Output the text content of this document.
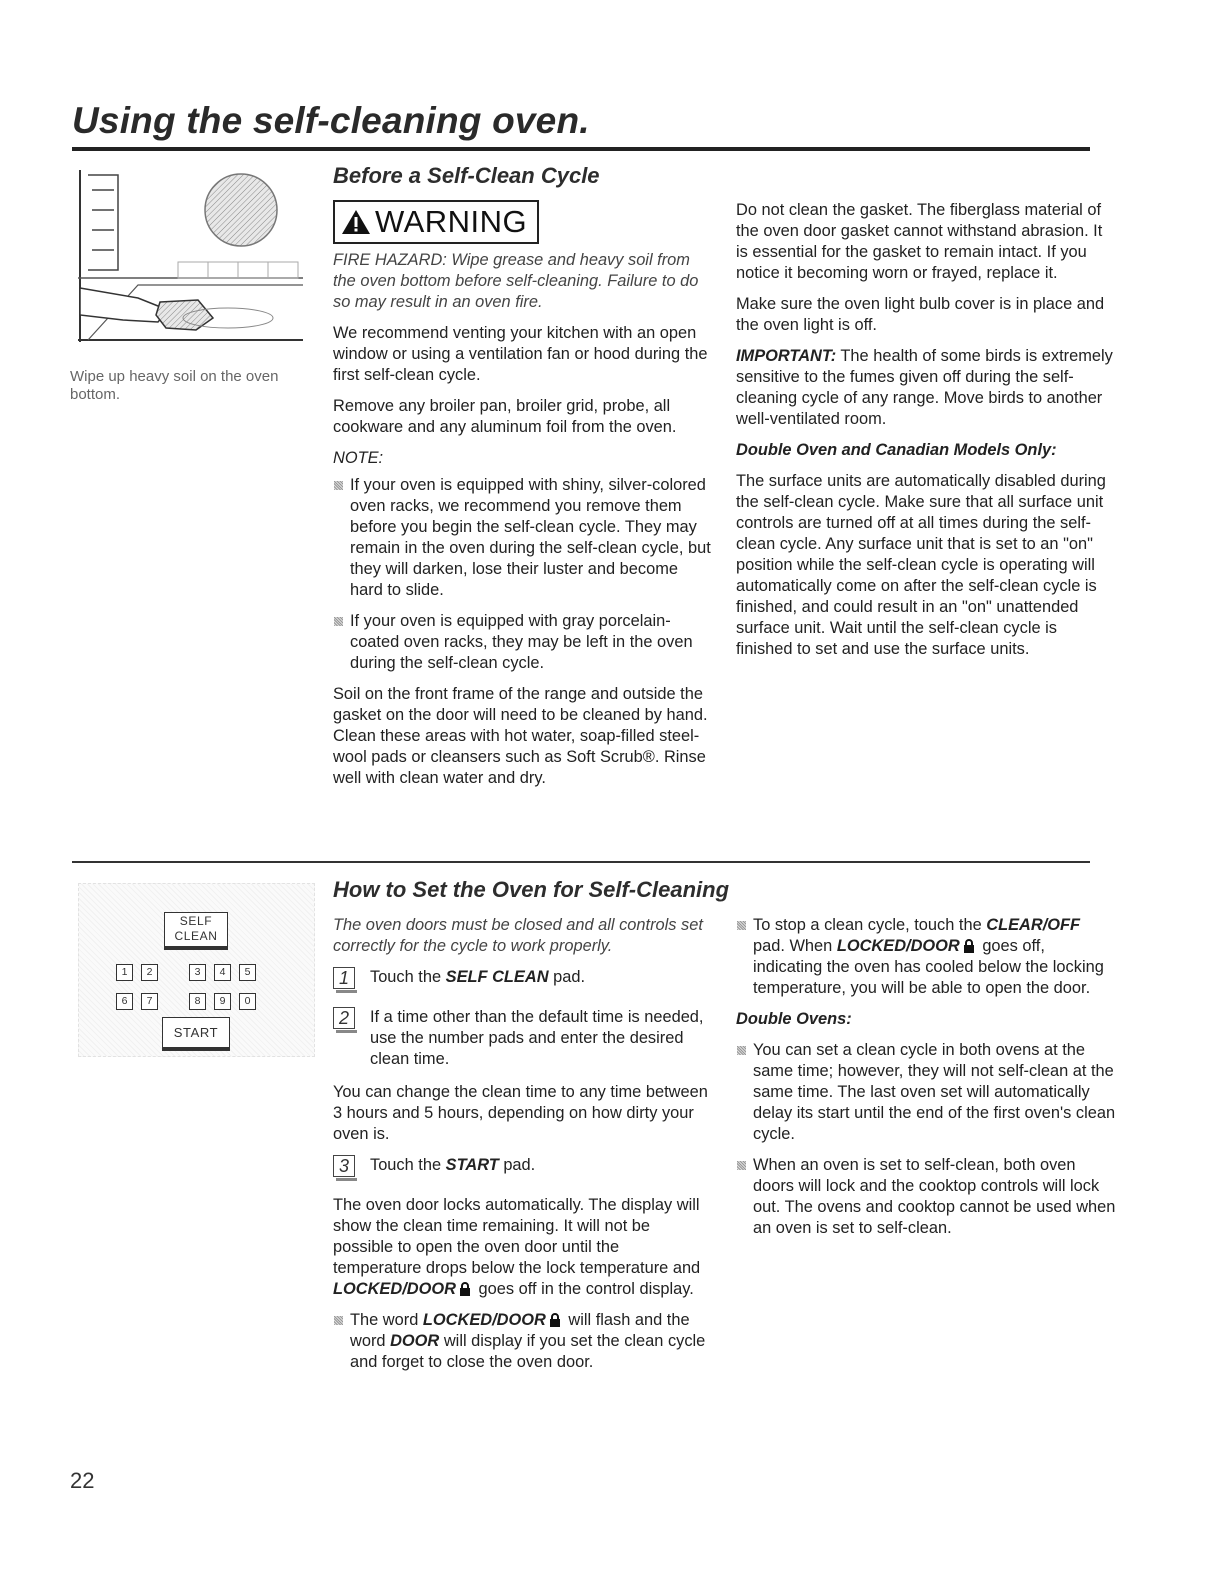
Using the self-cleaning oven.
Wipe up heavy soil on the oven bottom.
Before a Self-Clean Cycle
WARNING

FIRE HAZARD: Wipe grease and heavy soil from the oven bottom before self-cleaning. Failure to do so may result in an oven fire.

We recommend venting your kitchen with an open window or using a ventilation fan or hood during the first self-clean cycle.

Remove any broiler pan, broiler grid, probe, all cookware and any aluminum foil from the oven.

NOTE:

If your oven is equipped with shiny, silver-colored oven racks, we recommend you remove them before you begin the self-clean cycle. They may remain in the oven during the self-clean cycle, but they will darken, lose their luster and become hard to slide.
If your oven is equipped with gray porcelain-coated oven racks, they may be left in the oven during the self-clean cycle.

Soil on the front frame of the range and outside the gasket on the door will need to be cleaned by hand. Clean these areas with hot water, soap-filled steel-wool pads or cleansers such as Soft Scrub®. Rinse well with clean water and dry.

Do not clean the gasket. The fiberglass material of the oven door gasket cannot withstand abrasion. It is essential for the gasket to remain intact. If you notice it becoming worn or frayed, replace it.

Make sure the oven light bulb cover is in place and the oven light is off.

IMPORTANT: The health of some birds is extremely sensitive to the fumes given off during the self-cleaning cycle of any range. Move birds to another well-ventilated room.

Double Oven and Canadian Models Only:

The surface units are automatically disabled during the self-clean cycle. Make sure that all surface unit controls are turned off at all times during the self-clean cycle. Any surface unit that is set to an "on" position while the self-clean cycle is operating will automatically come on after the self-clean cycle is finished, and could result in an "on" unattended surface unit. Wait until the self-clean cycle is finished to set and use the surface units.

SELF
CLEAN
1	2	3	4	5
6	7	8	9	0
START
How to Set the Oven for Self-Cleaning

The oven doors must be closed and all controls set correctly for the cycle to work properly.

1	Touch the SELF CLEAN pad.
2	If a time other than the default time is needed, use the number pads and enter the desired clean time.

You can change the clean time to any time between 3 hours and 5 hours, depending on how dirty your oven is.

3	Touch the START pad.

The oven door locks automatically. The display will show the clean time remaining. It will not be possible to open the oven door until the temperature drops below the lock temperature and LOCKED/DOOR goes off in the control display.

The word LOCKED/DOOR will flash and the word DOOR will display if you set the clean cycle and forget to close the oven door.
To stop a clean cycle, touch the CLEAR/OFF pad. When LOCKED/DOOR goes off, indicating the oven has cooled below the locking temperature, you will be able to open the door.

Double Ovens:

You can set a clean cycle in both ovens at the same time; however, they will not self-clean at the same time. The last oven set will automatically delay its start until the end of the first oven's clean cycle.
When an oven is set to self-clean, both oven doors will lock and the cooktop controls will lock out. The ovens and cooktop cannot be used when an oven is set to self-clean.
22
